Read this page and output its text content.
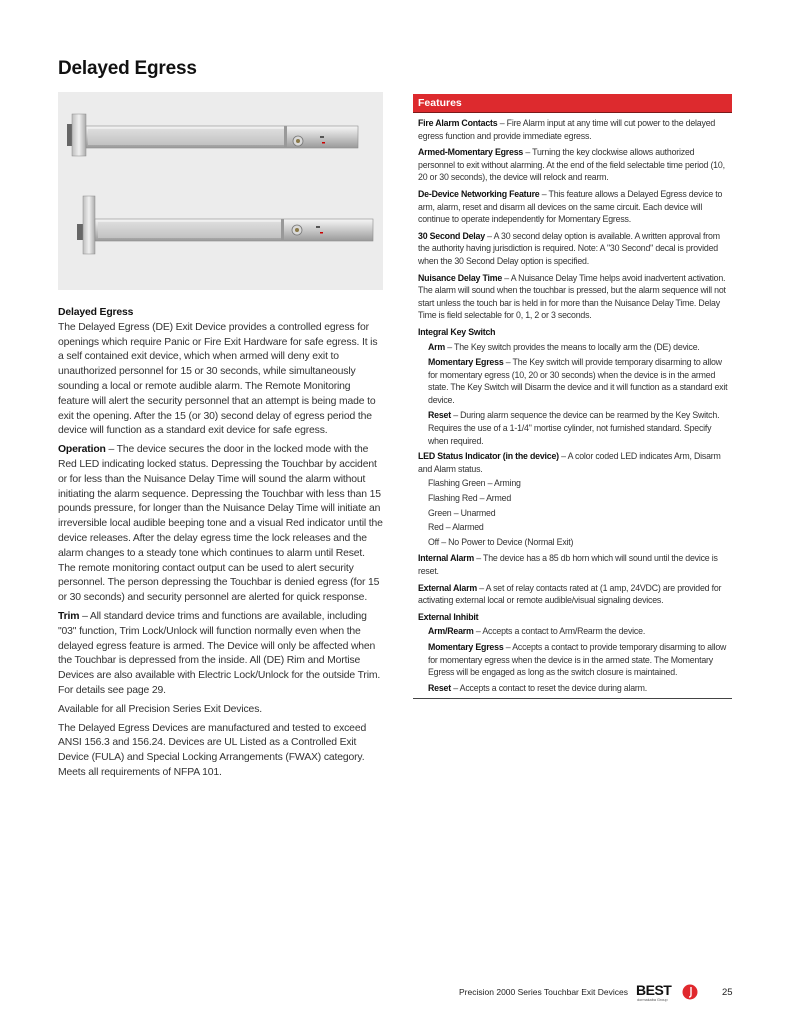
Delayed Egress
Delayed Egress

The Delayed Egress (DE) Exit Device provides a controlled egress for openings which require Panic or Fire Exit Hardware for safe egress. It is a self contained exit device, which when armed will deny exit to unauthorized personnel for 15 or 30 seconds, while simultaneously sounding a local or remote audible alarm. The Remote Monitoring feature will alert the security personnel that an attempt is being made to exit the opening. After the 15 (or 30) second delay of egress period the device will function as a standard exit device for safe egress.

Operation – The device secures the door in the locked mode with the Red LED indicating locked status. Depressing the Touchbar by accident or for less than the Nuisance Delay Time will sound the alarm without initiating the alarm sequence. Depressing the Touchbar with less than 15 pounds pressure, for longer than the Nuisance Delay Time will initiate an irreversible local audible beeping tone and a visual Red indicator until the device releases. After the delay egress time the lock releases and the alarm changes to a steady tone which continues to alarm until Reset. The remote monitoring contact output can be used to alert security personnel. The person depressing the Touchbar is denied egress (for 15 or 30 seconds) and security personnel are alerted for quick response.

Trim – All standard device trims and functions are available, including "03" function, Trim Lock/Unlock will function normally even when the delayed egress feature is armed. The Device will only be affected when the Touchbar is depressed from the inside. All (DE) Rim and Mortise Devices are also available with Electric Lock/Unlock for the outside Trim. For details see page 29.

Available for all Precision Series Exit Devices.

The Delayed Egress Devices are manufactured and tested to exceed ANSI 156.3 and 156.24. Devices are UL Listed as a Controlled Exit Device (FULA) and Special Locking Arrangements (FWAX) category. Meets all requirements of NFPA 101.

Features

Fire Alarm Contacts – Fire Alarm input at any time will cut power to the delayed egress function and provide immediate egress.

Armed-Momentary Egress – Turning the key clockwise allows authorized personnel to exit without alarming. At the end of the field selectable time period (10, 20 or 30 seconds), the device will relock and rearm.

De-Device Networking Feature – This feature allows a Delayed Egress device to arm, alarm, reset and disarm all devices on the same circuit. Each device will continue to operate independently for Momentary Egress.

30 Second Delay – A 30 second delay option is available. A written approval from the authority having jurisdiction is required. Note: A "30 Second" decal is provided when the 30 Second Delay option is specified.

Nuisance Delay Time – A Nuisance Delay Time helps avoid inadvertent activation. The alarm will sound when the touchbar is pressed, but the alarm sequence will not start unless the touch bar is held in for more than the Nuisance Delay Time. Delay Time is field selectable for 0, 1, 2 or 3 seconds.

Integral Key Switch

Arm – The Key switch provides the means to locally arm the (DE) device.

Momentary Egress – The Key switch will provide temporary disarming to allow for momentary egress (10, 20 or 30 seconds) when the device is in the armed state. The Key Switch will Disarm the device and it will function as a standard exit device.

Reset – During alarm sequence the device can be rearmed by the Key Switch. Requires the use of a 1-1/4" mortise cylinder, not furnished standard. Specify when required.

LED Status Indicator (in the device) – A color coded LED indicates Arm, Disarm and Alarm status.

Flashing Green – Arming
Flashing Red – Armed
Green – Unarmed
Red – Alarmed
Off – No Power to Device (Normal Exit)

Internal Alarm – The device has a 85 db horn which will sound until the device is reset.

External Alarm – A set of relay contacts rated at (1 amp, 24VDC) are provided for activating external local or remote audible/visual signaling devices.

External Inhibit

Arm/Rearm – Accepts a contact to Arm/Rearm the device.

Momentary Egress – Accepts a contact to provide temporary disarming to allow for momentary egress when the device is in the armed state. The Momentary Egress will be engaged as long as the switch closure is maintained.

Reset – Accepts a contact to reset the device during alarm.

Precision 2000 Series Touchbar Exit Devices BEST
dormakaba Group
25
